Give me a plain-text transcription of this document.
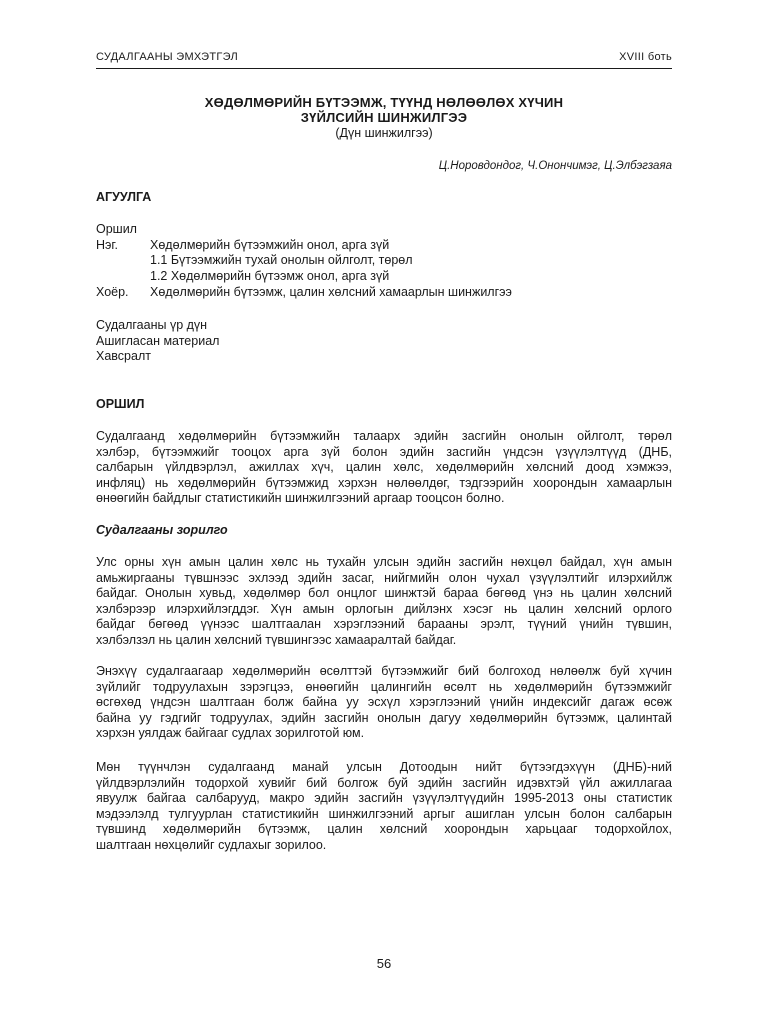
СУДАЛГААНЫ ЭМХЭТГЭЛ	XVIII боть
ХӨДӨЛМӨРИЙН БҮТЭЭМЖ, ТҮҮНД НӨЛӨӨЛӨХ ХҮЧИН
ЗҮЙЛСИЙН ШИНЖИЛГЭЭ
(Дүн шинжилгээ)
Ц.Норовдондог, Ч.Онончимэг, Ц.Элбэгзаяа
АГУУЛГА
Оршил
Нэг.	Хөдөлмөрийн бүтээмжийн онол, арга зүй
1.1 Бүтээмжийн тухай онолын ойлголт, төрөл
1.2 Хөдөлмөрийн бүтээмж онол, арга зүй
Хоёр. Хөдөлмөрийн бүтээмж, цалин хөлсний хамаарлын шинжилгээ
Судалгааны үр дүн
Ашигласан материал
Хавсралт
ОРШИЛ
Судалгаанд хөдөлмөрийн бүтээмжийн талаарх эдийн засгийн онолын ойлголт, төрөл
хэлбэр, бүтээмжийг тооцох арга зүй болон эдийн засгийн үндсэн үзүүлэлтүүд (ДНБ,
салбарын үйлдвэрлэл, ажиллах хүч, цалин хөлс, хөдөлмөрийн хөлсний доод хэмжээ,
инфляц) нь хөдөлмөрийн бүтээмжид хэрхэн нөлөөлдөг, тэдгээрийн хоорондын хамаарлын
өнөөгийн байдлыг статистикийн шинжилгээний аргаар тооцсон болно.
Судалгааны зорилго
Улс орны хүн амын цалин хөлс нь тухайн улсын эдийн засгийн нөхцөл байдал, хүн амын
амьжиргааны түвшнээс эхлээд эдийн засаг, нийгмийн олон чухал үзүүлэлтийг илэрхийлж
байдаг. Онолын хувьд, хөдөлмөр бол онцлог шинжтэй бараа бөгөөд үнэ нь цалин хөлсний
хэлбэрээр илэрхийлэгддэг. Хүн амын орлогын дийлэнх хэсэг нь цалин хөлсний орлого
байдаг бөгөөд үүнээс шалтгаалан хэрэглээний барааны эрэлт, түүний үнийн түвшин,
хэлбэлзэл нь цалин хөлсний түвшингээс хамааралтай байдаг.
Энэхүү судалгаагаар хөдөлмөрийн өсөлттэй бүтээмжийг бий болгоход нөлөөлж буй хүчин
зүйлийг тодруулахын зэрэгцээ, өнөөгийн цалингийн өсөлт нь хөдөлмөрийн бүтээмжийг
өсгөхөд үндсэн шалтгаан болж байна уу эсхүл хэрэглээний үнийн индексийг дагаж өсөж
байна уу гэдгийг тодруулах, эдийн засгийн онолын дагуу хөдөлмөрийн бүтээмж, цалинтай
хэрхэн уялдаж байгааг судлах зорилготой юм.
Мөн түүнчлэн судалгаанд манай улсын Дотоодын нийт бүтээгдэхүүн (ДНБ)-ний
үйлдвэрлэлийн тодорхой хувийг бий болгож буй эдийн засгийн идэвхтэй үйл ажиллагаа
явуулж байгаа салбарууд, макро эдийн засгийн үзүүлэлтүүдийн 1995-2013 оны статистик
мэдээлэлд тулгуурлан статистикийн шинжилгээний аргыг ашиглан улсын болон салбарын
түвшинд хөдөлмөрийн бүтээмж, цалин хөлсний хоорондын харьцааг тодорхойлох,
шалтгаан нөхцөлийг судлахыг зорилоо.
56
